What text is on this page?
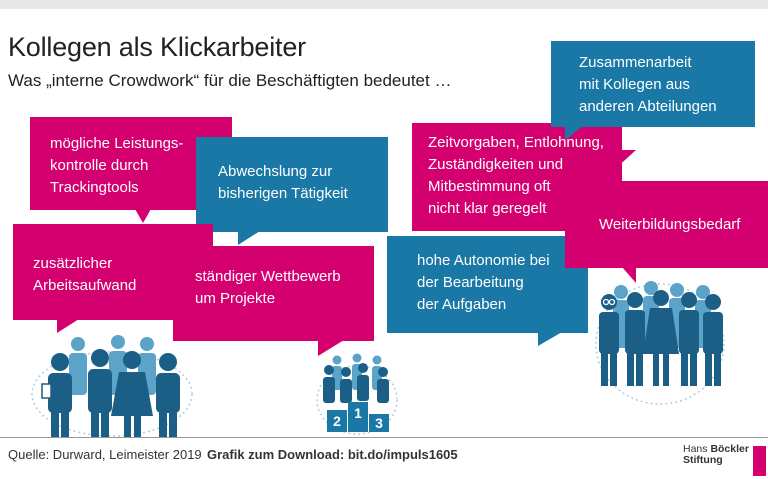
Kollegen als Klickarbeiter
Was „interne Crowdwork“ für die Beschäftigten bedeutet …
mögliche Leistungs-
kontrolle durch
Trackingtools
Abwechslung zur
bisherigen Tätigkeit
zusätzlicher
Arbeitsaufwand
ständiger Wettbewerb
um Projekte
Zeitvorgaben, Entlohnung,
Zuständigkeiten und
Mitbestimmung oft
nicht klar geregelt
Zusammenarbeit
mit Kollegen aus
anderen Abteilungen
hohe Autonomie bei
der Bearbeitung
der Aufgaben
Weiterbildungsbedarf
2 1
3
Quelle: Durward, Leimeister 2019 Grafik zum Download: bit.do/impuls1605	Hans Böckler
Stiftung
